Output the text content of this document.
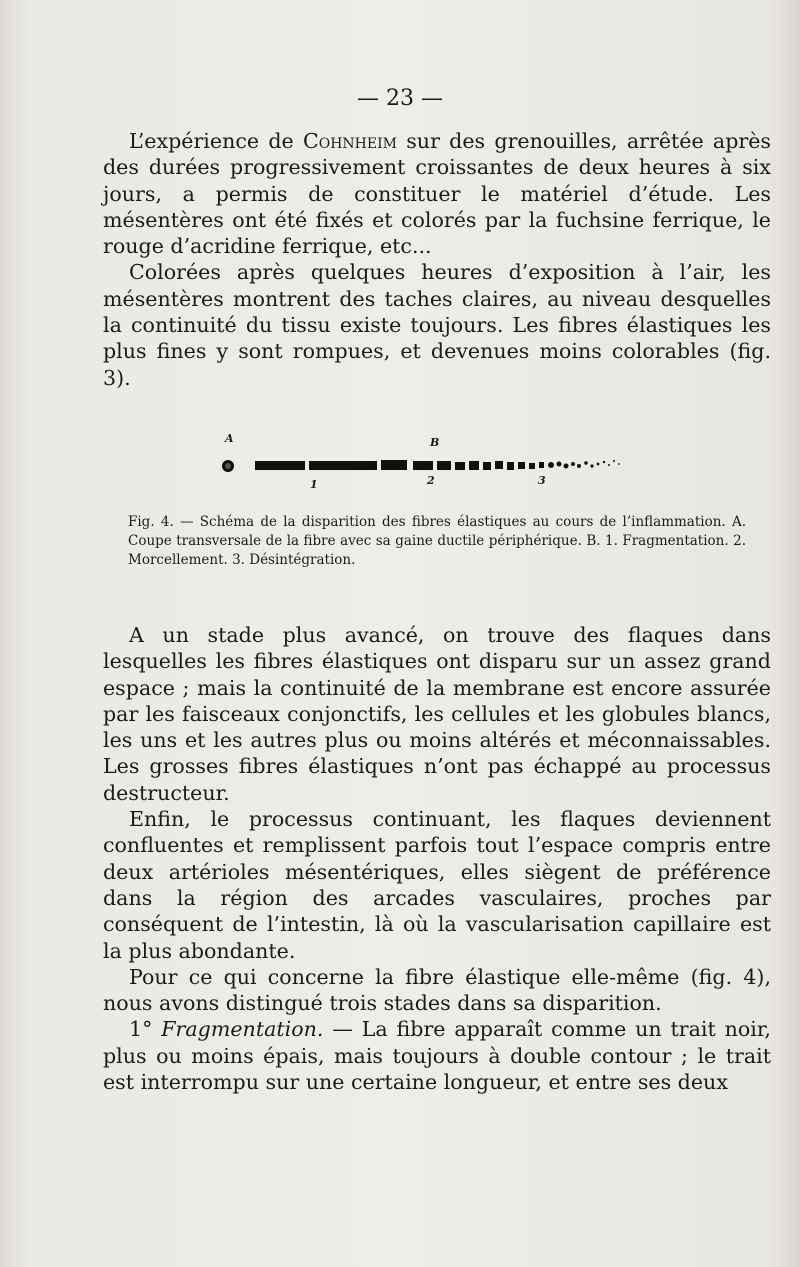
— 23 —

L’expérience de Cohnheim sur des grenouilles, arrêtée après des durées progressivement croissantes de deux heures à six jours, a permis de constituer le matériel d’étude. Les mésentères ont été fixés et colorés par la fuchsine ferrique, le rouge d’acridine ferrique, etc...

Colorées après quelques heures d’exposition à l’air, les mésentères montrent des taches claires, au niveau desquelles la continuité du tissu existe toujours. Les fibres élastiques les plus fines y sont rompues, et devenues moins colorables (fig. 3).

A	B
1	2	3

Fig. 4. — Schéma de la disparition des fibres élastiques au cours de l’inflammation. A. Coupe transversale de la fibre avec sa gaine ductile périphérique. B. 1. Fragmentation. 2. Morcellement. 3. Désintégration.

A un stade plus avancé, on trouve des flaques dans lesquelles les fibres élastiques ont disparu sur un assez grand espace ; mais la continuité de la membrane est encore assurée par les faisceaux conjonctifs, les cellules et les globules blancs, les uns et les autres plus ou moins altérés et méconnaissables. Les grosses fibres élastiques n’ont pas échappé au processus destructeur.

Enfin, le processus continuant, les flaques deviennent confluentes et remplissent parfois tout l’espace compris entre deux artérioles mésentériques, elles siègent de préférence dans la région des arcades vasculaires, proches par conséquent de l’intestin, là où la vascularisation capillaire est la plus abondante.

Pour ce qui concerne la fibre élastique elle-même (fig. 4), nous avons distingué trois stades dans sa disparition.

1° Fragmentation. — La fibre apparaît comme un trait noir, plus ou moins épais, mais toujours à double contour ; le trait est interrompu sur une certaine longueur, et entre ses deux
